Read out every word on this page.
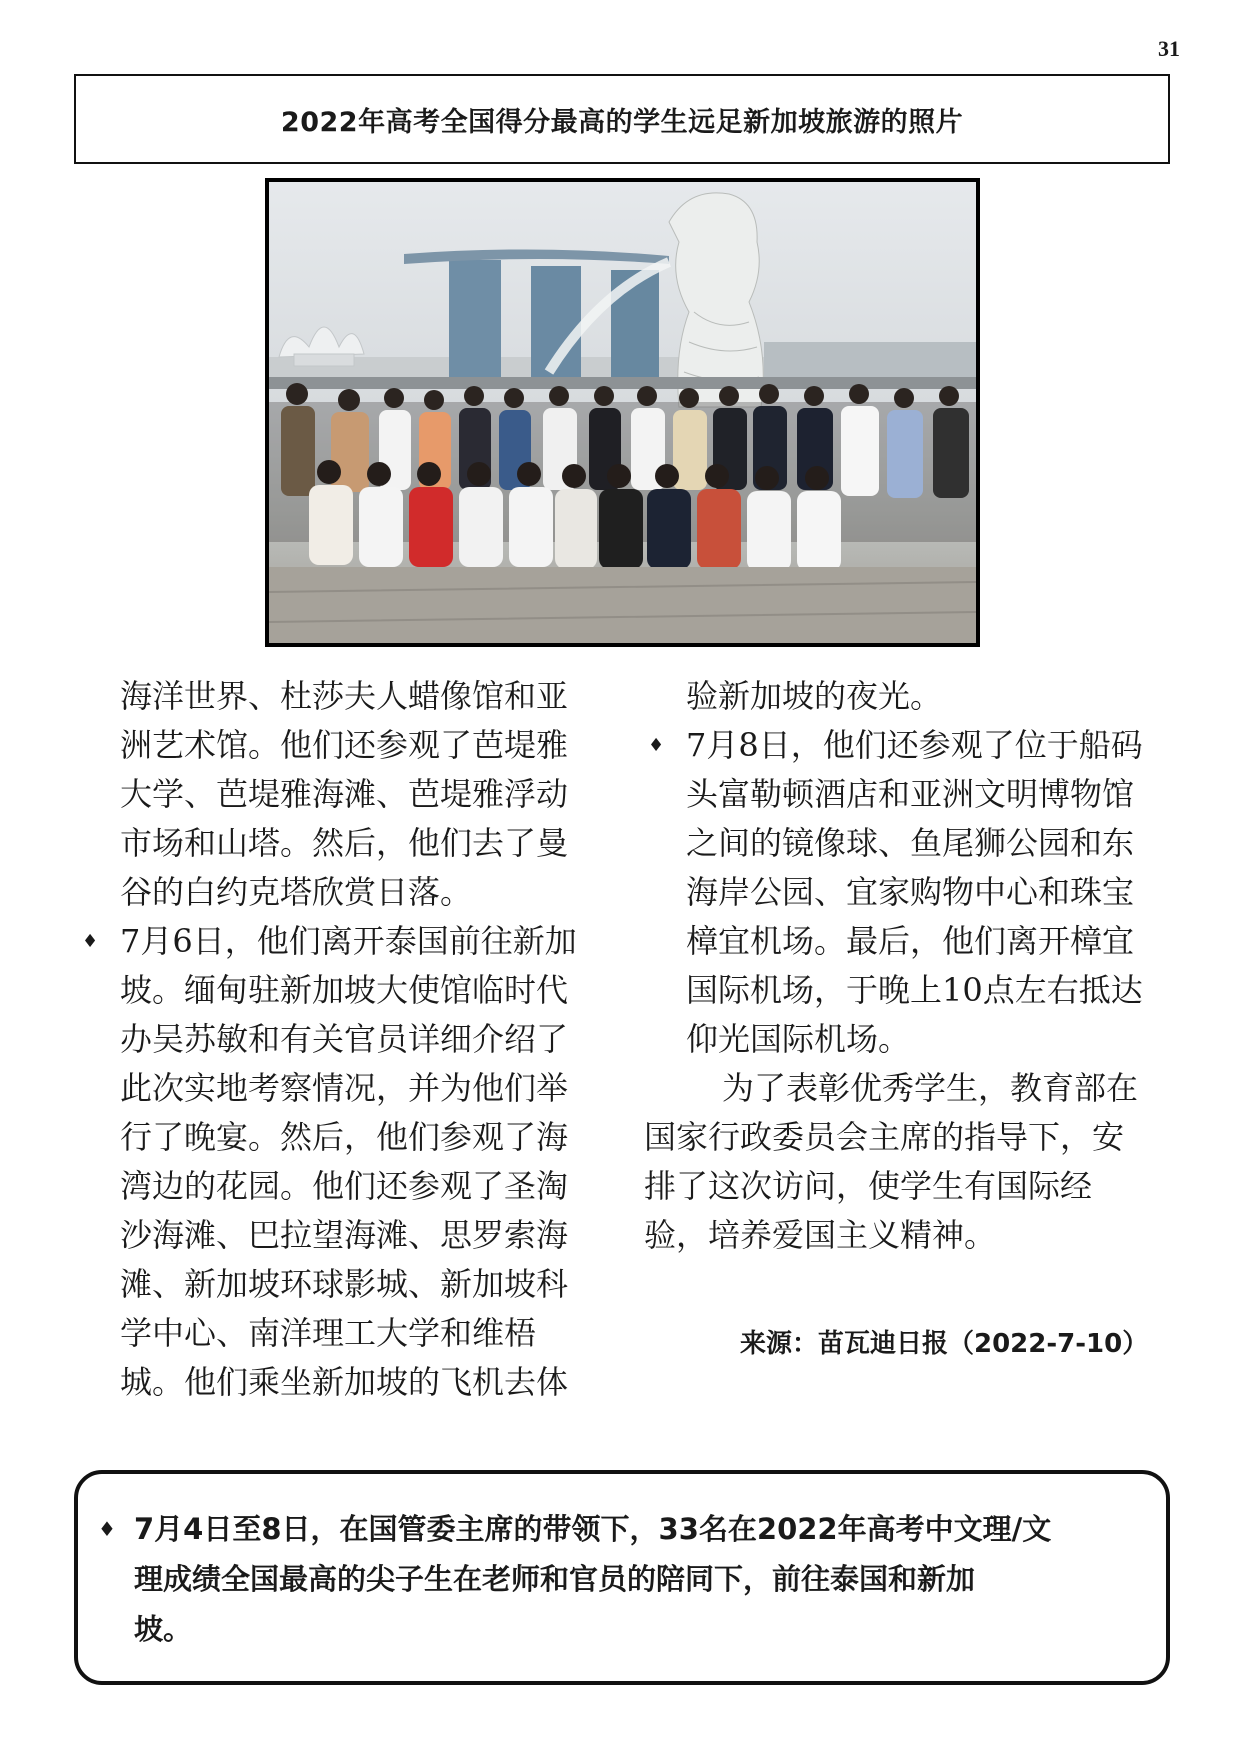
31
2022年高考全国得分最高的学生远足新加坡旅游的照片
海洋世界、杜莎夫人蜡像馆和亚
洲艺术馆。他们还参观了芭堤雅
大学、芭堤雅海滩、芭堤雅浮动
市场和山塔。然后，他们去了曼
谷的白约克塔欣赏日落。
♦ 7月6日，他们离开泰国前往新加
坡。缅甸驻新加坡大使馆临时代
办吴苏敏和有关官员详细介绍了
此次实地考察情况，并为他们举
行了晚宴。然后，他们参观了海
湾边的花园。他们还参观了圣淘
沙海滩、巴拉望海滩、思罗索海
滩、新加坡环球影城、新加坡科
学中心、南洋理工大学和维梧
城。他们乘坐新加坡的飞机去体
验新加坡的夜光。
♦ 7月8日，他们还参观了位于船码
头富勒顿酒店和亚洲文明博物馆
之间的镜像球、鱼尾狮公园和东
海岸公园、宜家购物中心和珠宝
樟宜机场。最后，他们离开樟宜
国际机场，于晚上10点左右抵达
仰光国际机场。
为了表彰优秀学生，教育部在
国家行政委员会主席的指导下，安
排了这次访问，使学生有国际经
验，培养爱国主义精神。
来源：苗瓦迪日报（2022-7-10）
♦ 7月4日至8日，在国管委主席的带领下，33名在2022年高考中文理/文
理成绩全国最高的尖子生在老师和官员的陪同下，前往泰国和新加
坡。
